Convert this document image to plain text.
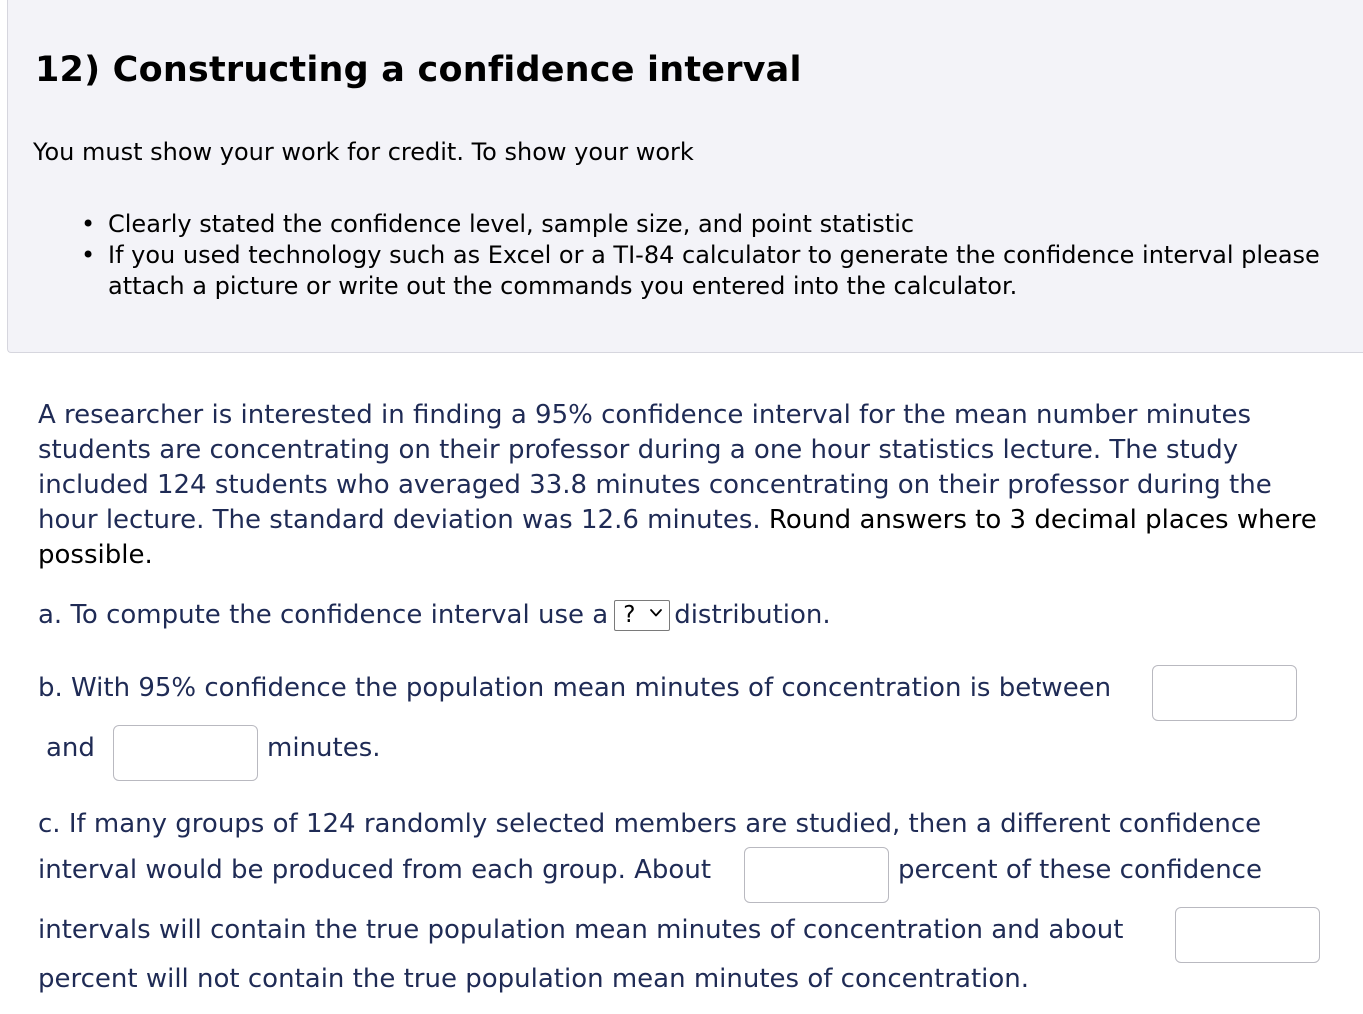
12) Constructing a confidence interval

You must show your work for credit. To show your work

• Clearly stated the confidence level, sample size, and point statistic
• If you used technology such as Excel or a TI-84 calculator to generate the confidence interval please attach a picture or write out the commands you entered into the calculator.

A researcher is interested in finding a 95% confidence interval for the mean number minutes students are concentrating on their professor during a one hour statistics lecture. The study included 124 students who averaged 33.8 minutes concentrating on their professor during the hour lecture. The standard deviation was 12.6 minutes. Round answers to 3 decimal places where possible.

a. To compute the confidence interval use a ? distribution.
b. With 95% confidence the population mean minutes of concentration is between
and	minutes.
c. If many groups of 124 randomly selected members are studied, then a different confidence
interval would be produced from each group. About	percent of these confidence
intervals will contain the true population mean minutes of concentration and about
percent will not contain the true population mean minutes of concentration.
